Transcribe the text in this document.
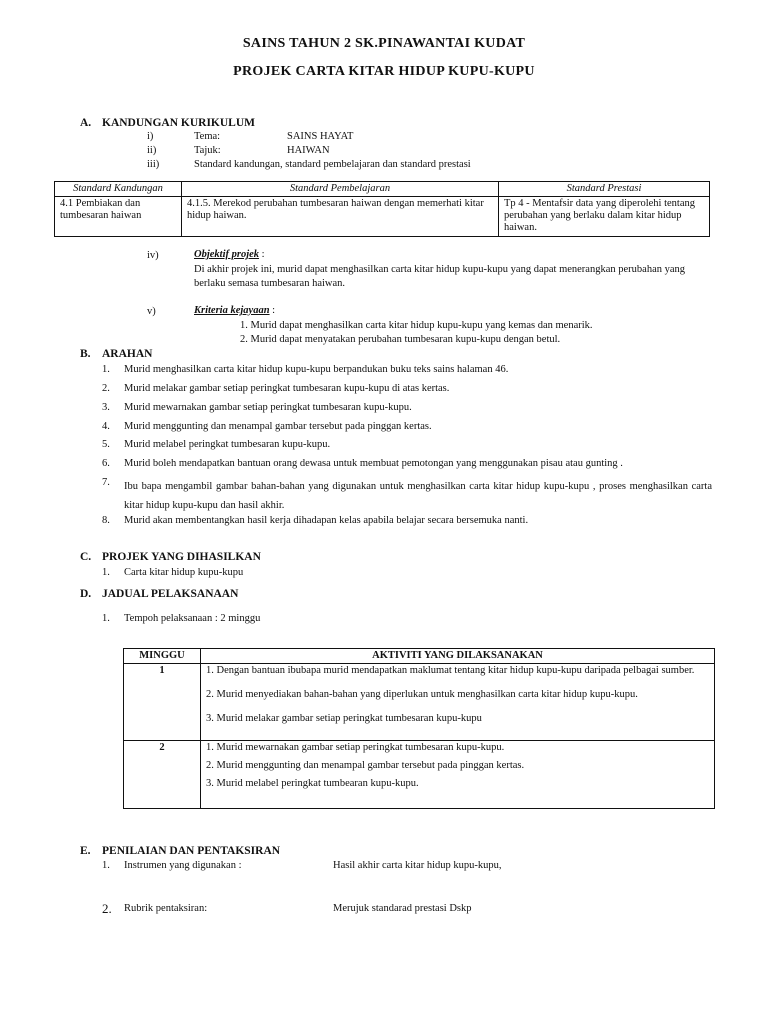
SAINS TAHUN 2 SK.PINAWANTAI KUDAT
PROJEK CARTA KITAR HIDUP KUPU-KUPU
A. KANDUNGAN KURIKULUM
i)	Tema:	SAINS HAYAT
ii)	Tajuk:	HAIWAN
iii)	Standard kandungan, standard pembelajaran dan standard prestasi
Standard Kandungan	Standard Pembelajaran	Standard Prestasi
4.1 Pembiakan dan tumbesaran haiwan	4.1.5. Merekod perubahan tumbesaran haiwan dengan memerhati kitar hidup haiwan.	Tp 4 - Mentafsir data yang diperolehi tentang perubahan yang berlaku dalam kitar hidup haiwan.
iv)	Objektif projek :
Di akhir projek ini, murid dapat menghasilkan carta kitar hidup kupu-kupu yang dapat menerangkan perubahan yang berlaku semasa tumbesaran haiwan.
v)	Kriteria kejayaan :
1. Murid dapat menghasilkan carta kitar hidup kupu-kupu yang kemas dan menarik.
2. Murid dapat menyatakan perubahan tumbesaran kupu-kupu dengan betul.
B. ARAHAN
1. Murid menghasilkan carta kitar hidup kupu-kupu berpandukan buku teks sains halaman 46.
2. Murid melakar gambar setiap peringkat tumbesaran kupu-kupu di atas kertas.
3. Murid mewarnakan gambar setiap peringkat tumbesaran kupu-kupu.
4. Murid menggunting dan menampal gambar tersebut pada pinggan kertas.
5. Murid melabel peringkat tumbesaran kupu-kupu.
6. Murid boleh mendapatkan bantuan orang dewasa untuk membuat pemotongan yang menggunakan pisau atau gunting .
7. Ibu bapa mengambil gambar bahan-bahan yang digunakan untuk menghasilkan carta kitar hidup kupu-kupu , proses menghasilkan carta kitar hidup kupu-kupu dan hasil akhir.
8. Murid akan membentangkan hasil kerja dihadapan kelas apabila belajar secara bersemuka nanti.
C. PROJEK YANG DIHASILKAN
1. Carta kitar hidup kupu-kupu
D. JADUAL PELAKSANAAN
1. Tempoh pelaksanaan : 2 minggu
MINGGU	AKTIVITI YANG DILAKSANAKAN
1	1. Dengan bantuan ibubapa murid mendapatkan maklumat tentang kitar hidup kupu-kupu daripada pelbagai sumber.
2. Murid menyediakan bahan-bahan yang diperlukan untuk menghasilkan carta kitar hidup kupu-kupu.
3. Murid melakar gambar setiap peringkat tumbesaran kupu-kupu

2	1. Murid mewarnakan gambar setiap peringkat tumbesaran kupu-kupu.
2. Murid menggunting dan menampal gambar tersebut pada pinggan kertas.
3. Murid melabel peringkat tumbearan kupu-kupu.
E. PENILAIAN DAN PENTAKSIRAN
1. Instrumen yang digunakan :	Hasil akhir carta kitar hidup kupu-kupu,
2. Rubrik pentaksiran:	Merujuk standarad prestasi Dskp
